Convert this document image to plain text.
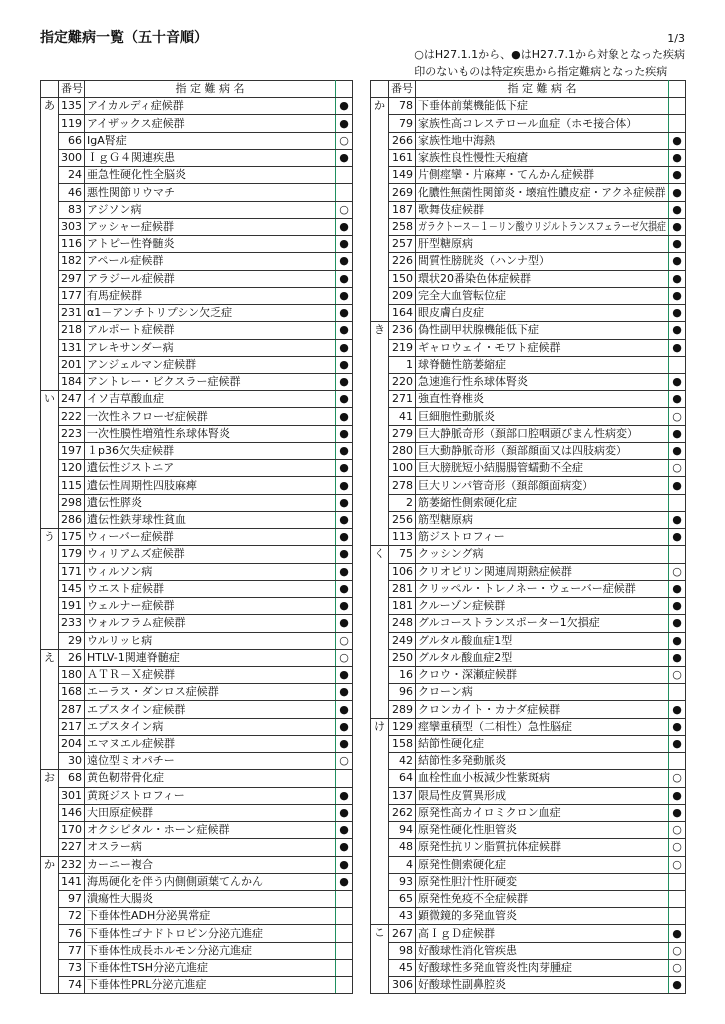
指定難病一覧（五十音順）	1/3
○はH27.1.1から、●はH27.7.1から対象となった疾病
印のないものは特定疾患から指定難病となった疾病
	番号	指 定 難 病 名	
あ	135	アイカルディ症候群	●
	119	アイザックス症候群	●
	66	IgA腎症	○
	300	ＩｇＧ４関連疾患	●
	24	亜急性硬化性全脳炎	
	46	悪性関節リウマチ	
	83	アジソン病	○
	303	アッシャー症候群	●
	116	アトピー性脊髄炎	●
	182	アペール症候群	●
	297	アラジール症候群	●
	177	有馬症候群	●
	231	α1－アンチトリプシン欠乏症	●
	218	アルポート症候群	●
	131	アレキサンダー病	●
	201	アンジェルマン症候群	●
	184	アントレー・ビクスラー症候群	●
い	247	イソ吉草酸血症	●
	222	一次性ネフローゼ症候群	●
	223	一次性膜性増殖性糸球体腎炎	●
	197	１p36欠失症候群	●
	120	遺伝性ジストニア	●
	115	遺伝性周期性四肢麻痺	●
	298	遺伝性膵炎	●
	286	遺伝性鉄芽球性貧血	●
う	175	ウィーバー症候群	●
	179	ウィリアムズ症候群	●
	171	ウィルソン病	●
	145	ウエスト症候群	●
	191	ウェルナー症候群	●
	233	ウォルフラム症候群	●
	29	ウルリッヒ病	○
え	26	HTLV-1関連脊髄症	○
	180	ＡＴＲ－Ｘ症候群	●
	168	エーラス・ダンロス症候群	●
	287	エプスタイン症候群	●
	217	エプスタイン病	●
	204	エマヌエル症候群	●
	30	遠位型ミオパチー	○
お	68	黄色靭帯骨化症	
	301	黄斑ジストロフィー	●
	146	大田原症候群	●
	170	オクシピタル・ホーン症候群	●
	227	オスラー病	●
か	232	カーニー複合	●
	141	海馬硬化を伴う内側側頭葉てんかん	●
	97	潰瘍性大腸炎	
	72	下垂体性ADH分泌異常症	
	76	下垂体性ゴナドトロピン分泌亢進症	
	77	下垂体性成長ホルモン分泌亢進症	
	73	下垂体性TSH分泌亢進症	
	74	下垂体性PRL分泌亢進症	
	番号	指 定 難 病 名	
か	78	下垂体前葉機能低下症	
	79	家族性高コレステロール血症（ホモ接合体）	
	266	家族性地中海熱	●
	161	家族性良性慢性天疱瘡	●
	149	片側痙攣・片麻痺・てんかん症候群	●
	269	化膿性無菌性関節炎・壊疽性膿皮症・アクネ症候群	●
	187	歌舞伎症候群	●
	258	ガラクトース－１－リン酸ウリジルトランスフェラーゼ欠損症	●
	257	肝型糖原病	●
	226	間質性膀胱炎（ハンナ型）	●
	150	環状20番染色体症候群	●
	209	完全大血管転位症	●
	164	眼皮膚白皮症	●
き	236	偽性副甲状腺機能低下症	●
	219	ギャロウェイ・モワト症候群	●
	1	球脊髄性筋萎縮症	
	220	急速進行性糸球体腎炎	●
	271	強直性脊椎炎	●
	41	巨細胞性動脈炎	○
	279	巨大静脈奇形（頚部口腔咽頭びまん性病変）	●
	280	巨大動静脈奇形（頚部顔面又は四肢病変）	●
	100	巨大膀胱短小結腸腸管蠕動不全症	○
	278	巨大リンパ管奇形（頚部顔面病変）	●
	2	筋萎縮性側索硬化症	
	256	筋型糖原病	●
	113	筋ジストロフィー	●
く	75	クッシング病	
	106	クリオピリン関連周期熱症候群	○
	281	クリッペル・トレノネー・ウェーバー症候群	●
	181	クルーゾン症候群	●
	248	グルコーストランスポーター1欠損症	●
	249	グルタル酸血症1型	●
	250	グルタル酸血症2型	●
	16	クロウ・深瀬症候群	○
	96	クローン病	
	289	クロンカイト・カナダ症候群	●
け	129	痙攣重積型（二相性）急性脳症	●
	158	結節性硬化症	●
	42	結節性多発動脈炎	
	64	血栓性血小板減少性紫斑病	○
	137	限局性皮質異形成	●
	262	原発性高カイロミクロン血症	●
	94	原発性硬化性胆管炎	○
	48	原発性抗リン脂質抗体症候群	○
	4	原発性側索硬化症	○
	93	原発性胆汁性肝硬変	
	65	原発性免疫不全症候群	
	43	顕微鏡的多発血管炎	
こ	267	高ＩｇＤ症候群	●
	98	好酸球性消化管疾患	○
	45	好酸球性多発血管炎性肉芽腫症	○
	306	好酸球性副鼻腔炎	●
